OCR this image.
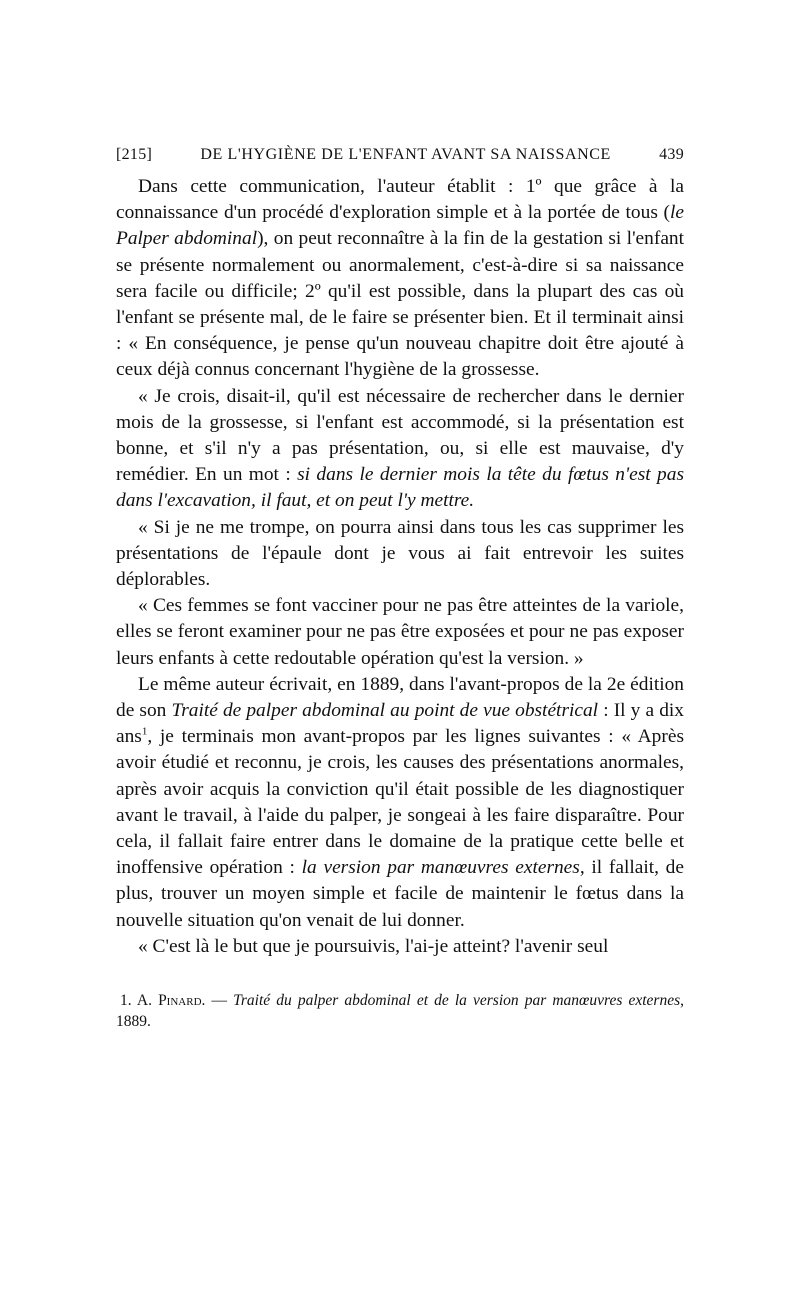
[215]	DE L'HYGIÈNE DE L'ENFANT AVANT SA NAISSANCE	439

Dans cette communication, l'auteur établit : 1º que grâce à la connaissance d'un procédé d'exploration simple et à la portée de tous (le Palper abdominal), on peut reconnaître à la fin de la gestation si l'enfant se présente normalement ou anormalement, c'est-à-dire si sa naissance sera facile ou difficile; 2º qu'il est possible, dans la plupart des cas où l'enfant se présente mal, de le faire se présenter bien. Et il terminait ainsi : « En conséquence, je pense qu'un nouveau chapitre doit être ajouté à ceux déjà connus concernant l'hygiène de la grossesse.

« Je crois, disait-il, qu'il est nécessaire de rechercher dans le dernier mois de la grossesse, si l'enfant est accommodé, si la présentation est bonne, et s'il n'y a pas présentation, ou, si elle est mauvaise, d'y remédier. En un mot : si dans le dernier mois la tête du fœtus n'est pas dans l'excavation, il faut, et on peut l'y mettre.

« Si je ne me trompe, on pourra ainsi dans tous les cas supprimer les présentations de l'épaule dont je vous ai fait entrevoir les suites déplorables.

« Ces femmes se font vacciner pour ne pas être atteintes de la variole, elles se feront examiner pour ne pas être exposées et pour ne pas exposer leurs enfants à cette redoutable opération qu'est la version. »

Le même auteur écrivait, en 1889, dans l'avant-propos de la 2e édition de son Traité de palper abdominal au point de vue obstétrical : Il y a dix ans$^1$, je terminais mon avant-propos par les lignes suivantes : « Après avoir étudié et reconnu, je crois, les causes des présentations anormales, après avoir acquis la conviction qu'il était possible de les diagnostiquer avant le travail, à l'aide du palper, je songeai à les faire disparaître. Pour cela, il fallait faire entrer dans le domaine de la pratique cette belle et inoffensive opération : la version par manœuvres externes, il fallait, de plus, trouver un moyen simple et facile de maintenir le fœtus dans la nouvelle situation qu'on venait de lui donner.

« C'est là le but que je poursuivis, l'ai-je atteint? l'avenir seul

1. A. Pinard. — Traité du palper abdominal et de la version par manœuvres externes, 1889.
